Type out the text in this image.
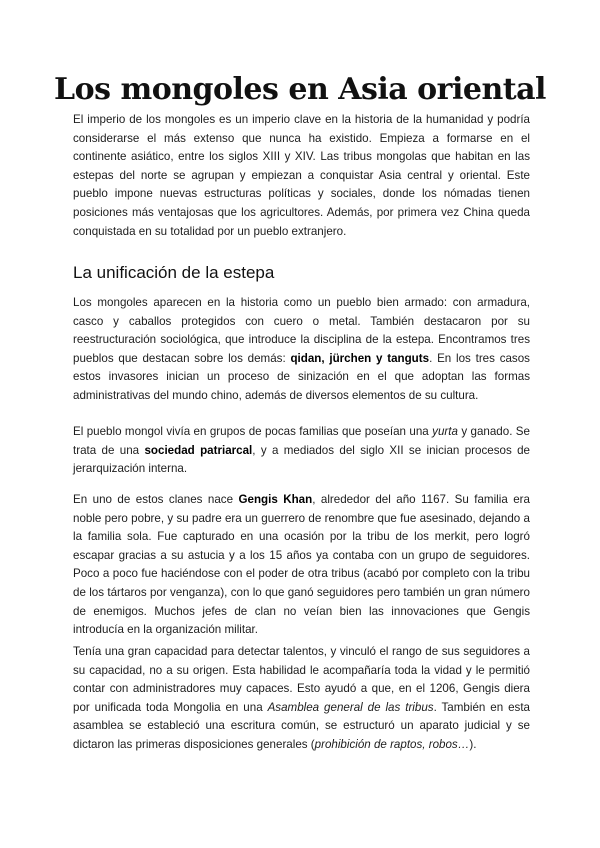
Los mongoles en Asia oriental

El imperio de los mongoles es un imperio clave en la historia de la humanidad y podría considerarse el más extenso que nunca ha existido. Empieza a formarse en el continente asiático, entre los siglos XIII y XIV. Las tribus mongolas que habitan en las estepas del norte se agrupan y empiezan a conquistar Asia central y oriental. Este pueblo impone nuevas estructuras políticas y sociales, donde los nómadas tienen posiciones más ventajosas que los agricultores. Además, por primera vez China queda conquistada en su totalidad por un pueblo extranjero.

La unificación de la estepa

Los mongoles aparecen en la historia como un pueblo bien armado: con armadura, casco y caballos protegidos con cuero o metal. También destacaron por su reestructuración sociológica, que introduce la disciplina de la estepa. Encontramos tres pueblos que destacan sobre los demás: qidan, jürchen y tanguts. En los tres casos estos invasores inician un proceso de sinización en el que adoptan las formas administrativas del mundo chino, además de diversos elementos de su cultura.

El pueblo mongol vivía en grupos de pocas familias que poseían una yurta y ganado. Se trata de una sociedad patriarcal, y a mediados del siglo XII se inician procesos de jerarquización interna.

En uno de estos clanes nace Gengis Khan, alrededor del año 1167. Su familia era noble pero pobre, y su padre era un guerrero de renombre que fue asesinado, dejando a la familia sola. Fue capturado en una ocasión por la tribu de los merkit, pero logró escapar gracias a su astucia y a los 15 años ya contaba con un grupo de seguidores. Poco a poco fue haciéndose con el poder de otra tribus (acabó por completo con la tribu de los tártaros por venganza), con lo que ganó seguidores pero también un gran número de enemigos. Muchos jefes de clan no veían bien las innovaciones que Gengis introducía en la organización militar.

Tenía una gran capacidad para detectar talentos, y vinculó el rango de sus seguidores a su capacidad, no a su origen. Esta habilidad le acompañaría toda la vidad y le permitió contar con administradores muy capaces. Esto ayudó a que, en el 1206, Gengis diera por unificada toda Mongolia en una Asamblea general de las tribus. También en esta asamblea se estableció una escritura común, se estructuró un aparato judicial y se dictaron las primeras disposiciones generales (prohibición de raptos, robos…).
